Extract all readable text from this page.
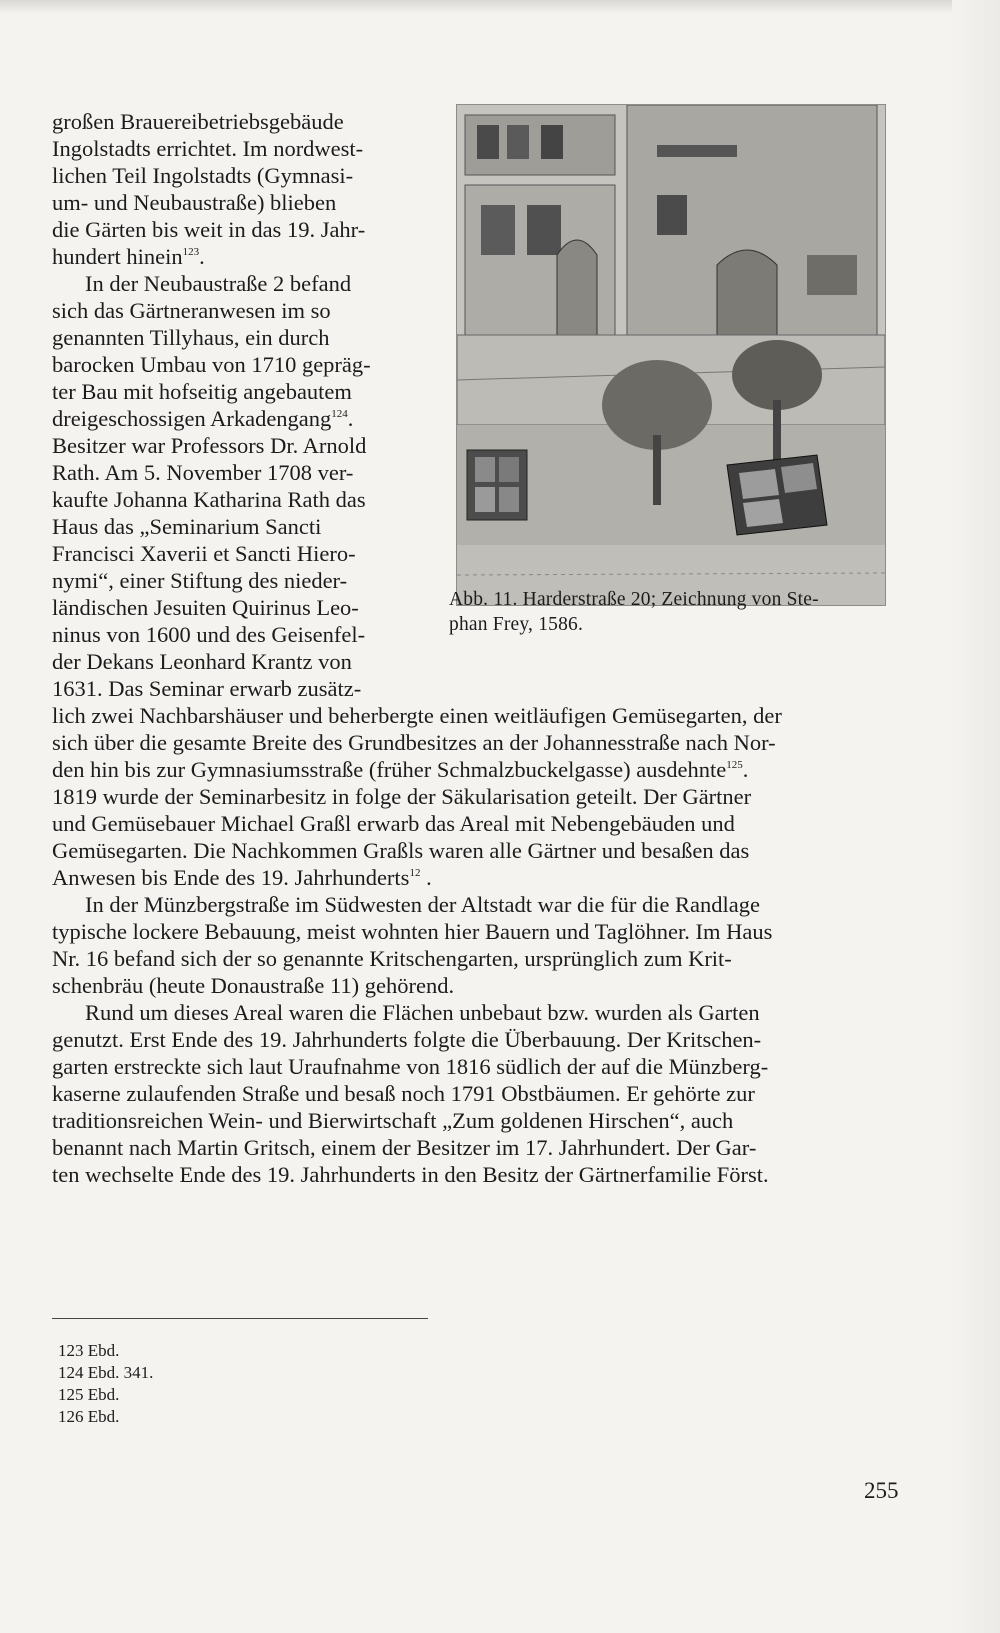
großen Brauereibetriebsgebäude
Ingolstadts errichtet. Im nordwest-
lichen Teil Ingolstadts (Gymnasi-
um- und Neubaustraße) blieben
die Gärten bis weit in das 19. Jahr-
hundert hinein$^{123}$.
In der Neubaustraße 2 befand
sich das Gärtneranwesen im so
genannten Tillyhaus, ein durch
barocken Umbau von 1710 gepräg‑
ter Bau mit hofseitig angebautem
dreigeschossigen Arkadengang$^{124}$.
Besitzer war Professors Dr. Arnold
Rath. Am 5. November 1708 ver-
kaufte Johanna Katharina Rath das
Haus das „Seminarium Sancti
Francisci Xaverii et Sancti Hiero-
nymi“, einer Stiftung des nieder-
ländischen Jesuiten Quirinus Leo-
ninus von 1600 und des Geisenfel-
der Dekans Leonhard Krantz von
1631. Das Seminar erwarb zusätz-
lich zwei Nachbarshäuser und beherbergte einen weitläufigen Gemüsegarten, der
sich über die gesamte Breite des Grundbesitzes an der Johannesstraße nach Nor-
den hin bis zur Gymnasiumsstraße (früher Schmalzbuckelgasse) ausdehnte$^{125}$.
1819 wurde der Seminarbesitz in folge der Säkularisation geteilt. Der Gärtner
und Gemüsebauer Michael Graßl erwarb das Areal mit Nebengebäuden und
Gemüsegarten. Die Nachkommen Graßls waren alle Gärtner und besaßen das
Anwesen bis Ende des 19. Jahrhunderts$^{12}$ .
In der Münzbergstraße im Südwesten der Altstadt war die für die Randlage
typische lockere Bebauung, meist wohnten hier Bauern und Taglöhner. Im Haus
Nr. 16 befand sich der so genannte Kritschengarten, ursprünglich zum Krit-
schenbräu (heute Donaustraße 11) gehörend.
Rund um dieses Areal waren die Flächen unbebaut bzw. wurden als Garten
genutzt. Erst Ende des 19. Jahrhunderts folgte die Überbauung. Der Kritschen-
garten erstreckte sich laut Uraufnahme von 1816 südlich der auf die Münzberg-
kaserne zulaufenden Straße und besaß noch 1791 Obstbäumen. Er gehörte zur
traditionsreichen Wein- und Bierwirtschaft „Zum goldenen Hirschen“, auch
benannt nach Martin Gritsch, einem der Besitzer im 17. Jahrhundert. Der Gar-
ten wechselte Ende des 19. Jahrhunderts in den Besitz der Gärtnerfamilie Först.
Abb. 11. Harderstraße 20; Zeichnung von Ste-
phan Frey, 1586.
123 Ebd.
124 Ebd. 341.
125 Ebd.
126 Ebd.
255
